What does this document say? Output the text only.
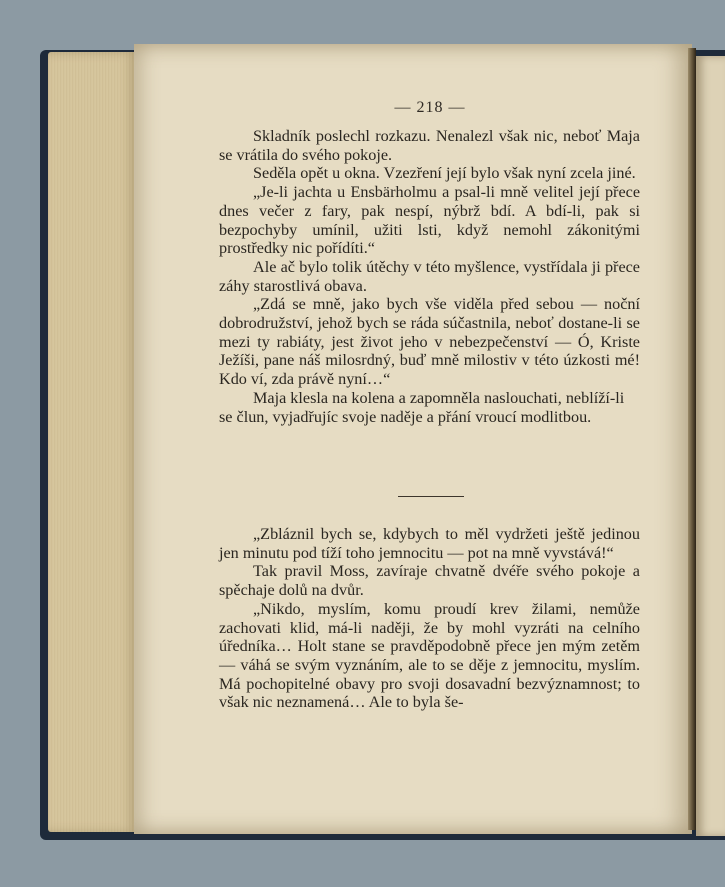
— 218 —

Skladník poslechl rozkazu. Nenalezl však nic, neboť Maja se vrátila do svého pokoje.

Seděla opět u okna. Vzezření její bylo však nyní zcela jiné.

„Je-li jachta u Ensbärholmu a psal-li mně velitel její přece dnes večer z fary, pak nespí, nýbrž bdí. A bdí-li, pak si bezpochyby umínil, užiti lsti, když nemohl zákonitými prostředky nic pořídíti.“

Ale ač bylo tolik útěchy v této myšlence, vystřídala ji přece záhy starostlivá obava.

„Zdá se mně, jako bych vše viděla před sebou — noční dobrodružství, jehož bych se ráda súčastnila, neboť dostane-li se mezi ty rabiáty, jest život jeho v nebezpečenství — Ó, Kriste Ježíši, pane náš milosrdný, buď mně milostiv v této úzkosti mé! Kdo ví, zda právě nyní…“

Maja klesla na kolena a zapomněla naslouchati, neblíží-li se člun, vyjadřujíc svoje naděje a přání vroucí modlitbou.

„Zbláznil bych se, kdybych to měl vydržeti ještě jedinou jen minutu pod tíží toho jemnocitu — pot na mně vyvstává!“

Tak pravil Moss, zavíraje chvatně dvéře svého pokoje a spěchaje dolů na dvůr.

„Nikdo, myslím, komu proudí krev žilami, nemůže zachovati klid, má-li naději, že by mohl vyzráti na celního úředníka… Holt stane se pravděpodobně přece jen mým zetěm — váhá se svým vyznáním, ale to se děje z jemnocitu, myslím. Má pochopitelné obavy pro svoji dosavadní bezvýznamnost; to však nic neznamená… Ale to byla še-
